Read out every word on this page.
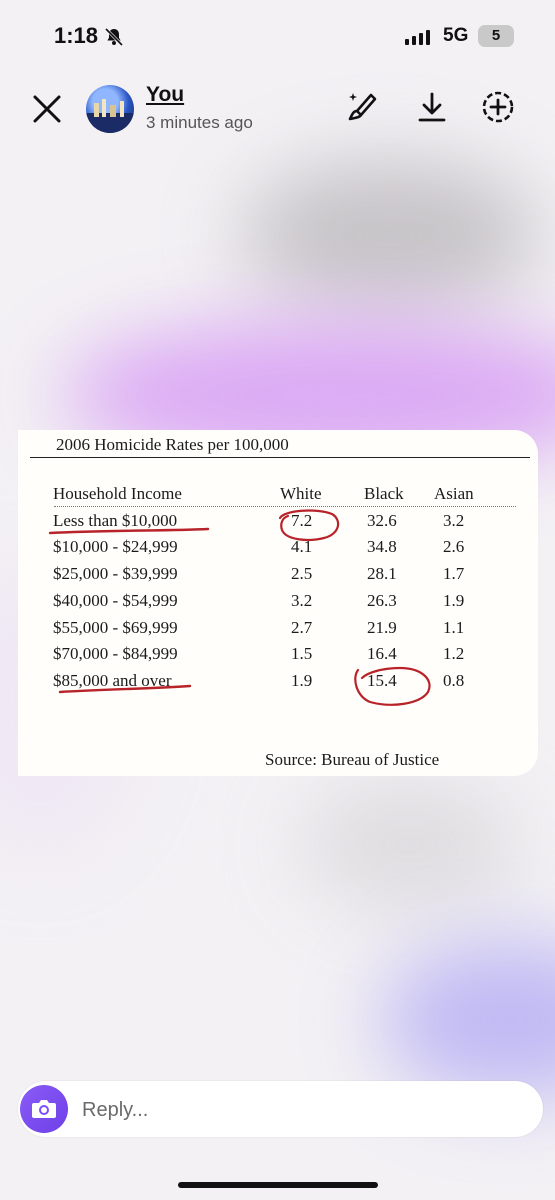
1:18	5G	5
You
3 minutes ago
2006 Homicide Rates per 100,000
Household Income	White Black Asian
Less than $10,000	7.2	32.6	3.2
$10,000 - $24,999	4.1	34.8	2.6
$25,000 - $39,999	2.5	28.1	1.7
$40,000 - $54,999	3.2	26.3	1.9
$55,000 - $69,999	2.7	21.9	1.1
$70,000 - $84,999	1.5	16.4	1.2
$85,000 and over	1.9	15.4	0.8
Source: Bureau of Justice
Reply...
